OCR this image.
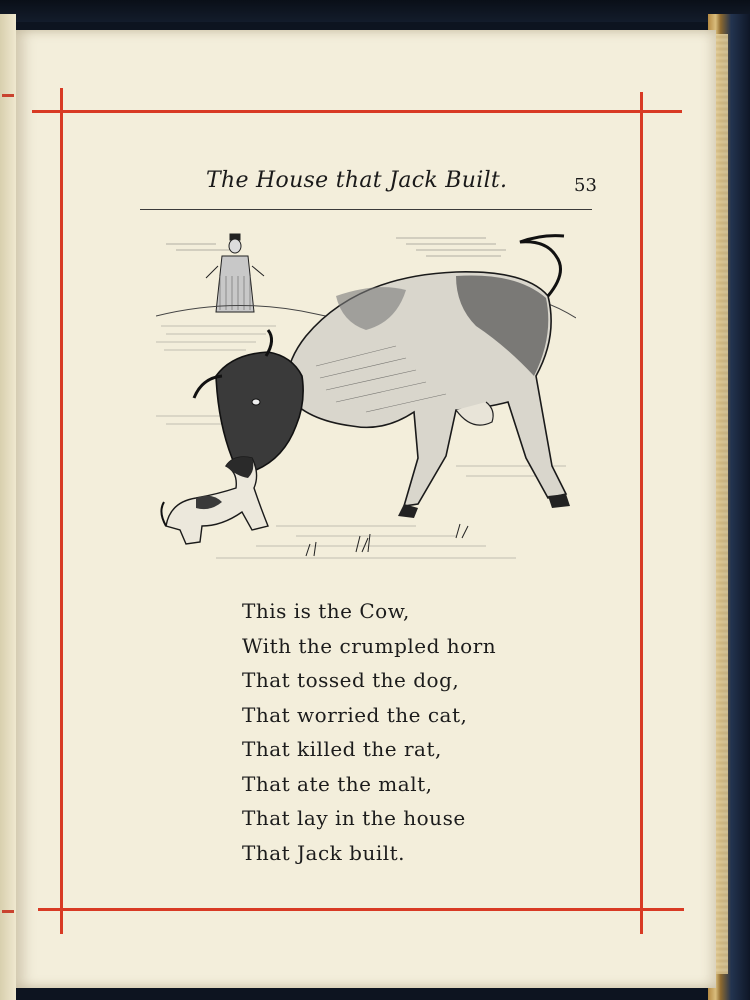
The House that Jack Built.	53
This is the Cow,
With the crumpled horn
That tossed the dog,
That worried the cat,
That killed the rat,
That ate the malt,
That lay in the house
That Jack built.
